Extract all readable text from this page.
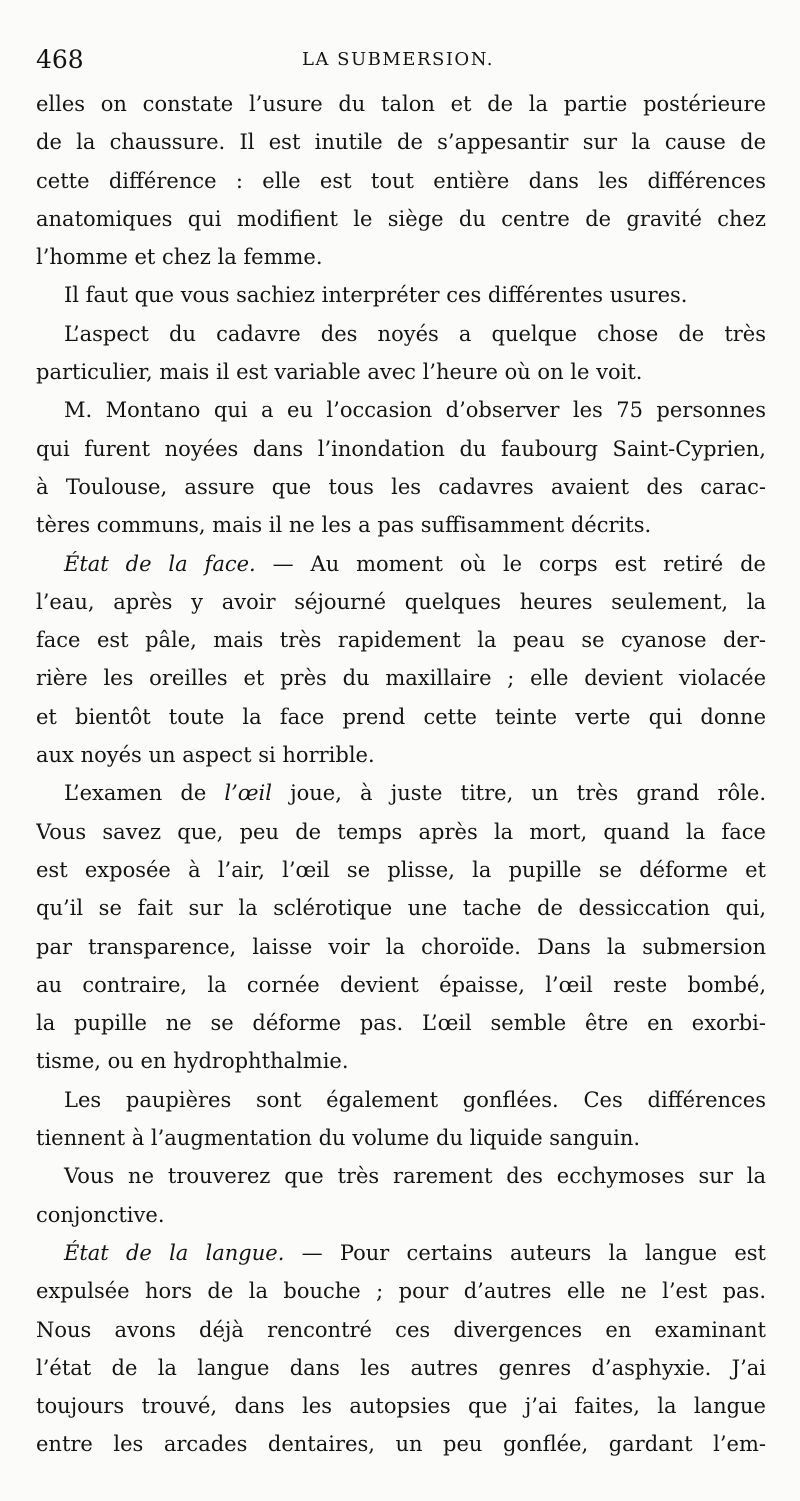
468	LA SUBMERSION.
elles on constate l’usure du talon et de la partie postérieure
de la chaussure. Il est inutile de s’appesantir sur la cause de
cette différence : elle est tout entière dans les différences
anatomiques qui modifient le siège du centre de gravité chez
l’homme et chez la femme.
Il faut que vous sachiez interpréter ces différentes usures.
L’aspect du cadavre des noyés a quelque chose de très
particulier, mais il est variable avec l’heure où on le voit.
M. Montano qui a eu l’occasion d’observer les 75 personnes
qui furent noyées dans l’inondation du faubourg Saint-Cyprien,
à Toulouse, assure que tous les cadavres avaient des carac-
tères communs, mais il ne les a pas suffisamment décrits.
État de la face. — Au moment où le corps est retiré de
l’eau, après y avoir séjourné quelques heures seulement, la
face est pâle, mais très rapidement la peau se cyanose der-
rière les oreilles et près du maxillaire ; elle devient violacée
et bientôt toute la face prend cette teinte verte qui donne
aux noyés un aspect si horrible.
L’examen de l’œil joue, à juste titre, un très grand rôle.
Vous savez que, peu de temps après la mort, quand la face
est exposée à l’air, l’œil se plisse, la pupille se déforme et
qu’il se fait sur la sclérotique une tache de dessiccation qui,
par transparence, laisse voir la choroïde. Dans la submersion
au contraire, la cornée devient épaisse, l’œil reste bombé,
la pupille ne se déforme pas. L’œil semble être en exorbi-
tisme, ou en hydrophthalmie.
Les paupières sont également gonflées. Ces différences
tiennent à l’augmentation du volume du liquide sanguin.
Vous ne trouverez que très rarement des ecchymoses sur la
conjonctive.
État de la langue. — Pour certains auteurs la langue est
expulsée hors de la bouche ; pour d’autres elle ne l’est pas.
Nous avons déjà rencontré ces divergences en examinant
l’état de la langue dans les autres genres d’asphyxie. J’ai
toujours trouvé, dans les autopsies que j’ai faites, la langue
entre les arcades dentaires, un peu gonflée, gardant l’em-
